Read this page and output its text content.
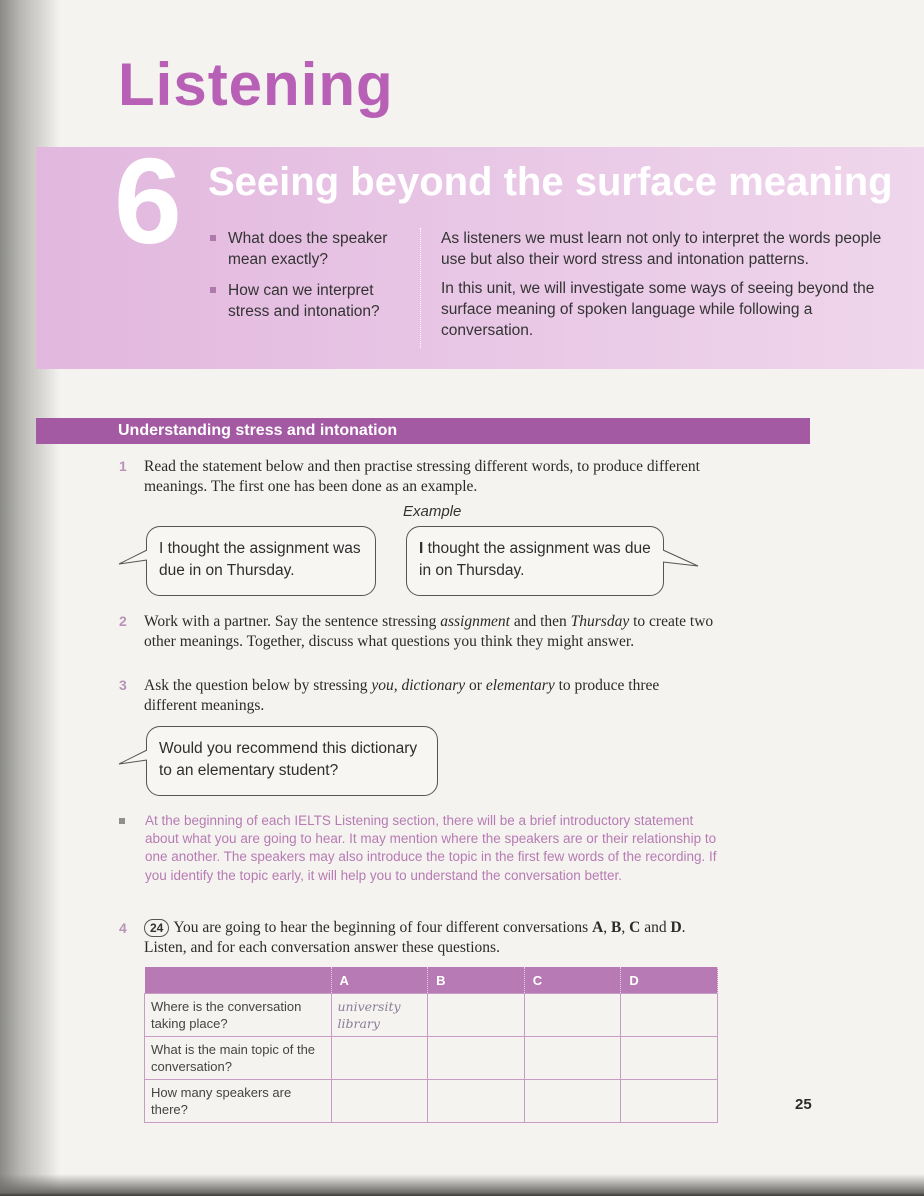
Listening
6 Seeing beyond the surface meaning
What does the speaker mean exactly?
How can we interpret stress and intonation?

As listeners we must learn not only to interpret the words people use but also their word stress and intonation patterns.

In this unit, we will investigate some ways of seeing beyond the surface meaning of spoken language while following a conversation.

Understanding stress and intonation
1 Read the statement below and then practise stressing different words, to produce different meanings. The first one has been done as an example.
Example
I thought the assignment was due in on Thursday.
I thought the assignment was due in on Thursday.
2 Work with a partner. Say the sentence stressing assignment and then Thursday to create two other meanings. Together, discuss what questions you think they might answer.
3 Ask the question below by stressing you, dictionary or elementary to produce three different meanings.
Would you recommend this dictionary to an elementary student?
At the beginning of each IELTS Listening section, there will be a brief introductory statement about what you are going to hear. It may mention where the speakers are or their relationship to one another. The speakers may also introduce the topic in the first few words of the recording. If you identify the topic early, it will help you to understand the conversation better.
4	24 You are going to hear the beginning of four different conversations A, B, C and D. Listen, and for each conversation answer these questions.
	A	B	C	D
Where is the conversation taking place?	university library			
What is the main topic of the conversation?				
How many speakers are there?					25
